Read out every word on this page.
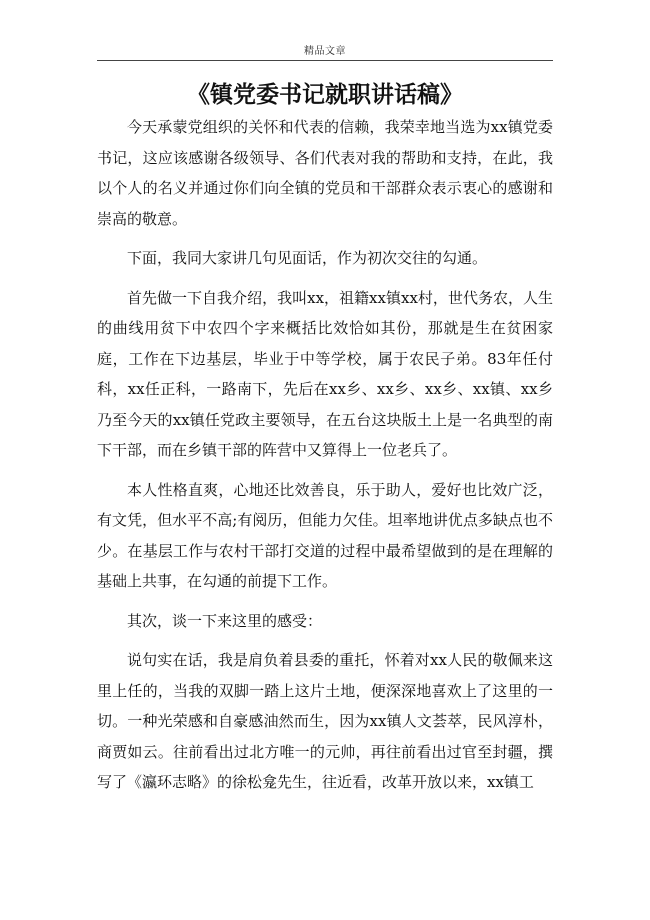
精品文章
《镇党委书记就职讲话稿》

今天承蒙党组织的关怀和代表的信赖，我荣幸地当选为xx镇党委书记，这应该感谢各级领导、各们代表对我的帮助和支持，在此，我以个人的名义并通过你们向全镇的党员和干部群众表示衷心的感谢和崇高的敬意。

下面，我同大家讲几句见面话，作为初次交往的勾通。

首先做一下自我介绍，我叫xx，祖籍xx镇xx村，世代务农，人生的曲线用贫下中农四个字来概括比效恰如其份，那就是生在贫困家庭，工作在下边基层，毕业于中等学校，属于农民子弟。83年任付科，xx任正科，一路南下，先后在xx乡、xx乡、xx乡、xx镇、xx乡乃至今天的xx镇任党政主要领导，在五台这块版土上是一名典型的南下干部，而在乡镇干部的阵营中又算得上一位老兵了。

本人性格直爽，心地还比效善良，乐于助人，爱好也比效广泛，有文凭，但水平不高;有阅历，但能力欠佳。坦率地讲优点多缺点也不少。在基层工作与农村干部打交道的过程中最希望做到的是在理解的基础上共事，在勾通的前提下工作。

其次，谈一下来这里的感受：

说句实在话，我是肩负着县委的重托，怀着对xx人民的敬佩来这里上任的，当我的双脚一踏上这片土地，便深深地喜欢上了这里的一切。一种光荣感和自豪感油然而生，因为xx镇人文荟萃，民风淳朴，商贾如云。往前看出过北方唯一的元帅，再往前看出过官至封疆，撰写了《瀛环志略》的徐松龛先生，往近看，改革开放以来，xx镇工
